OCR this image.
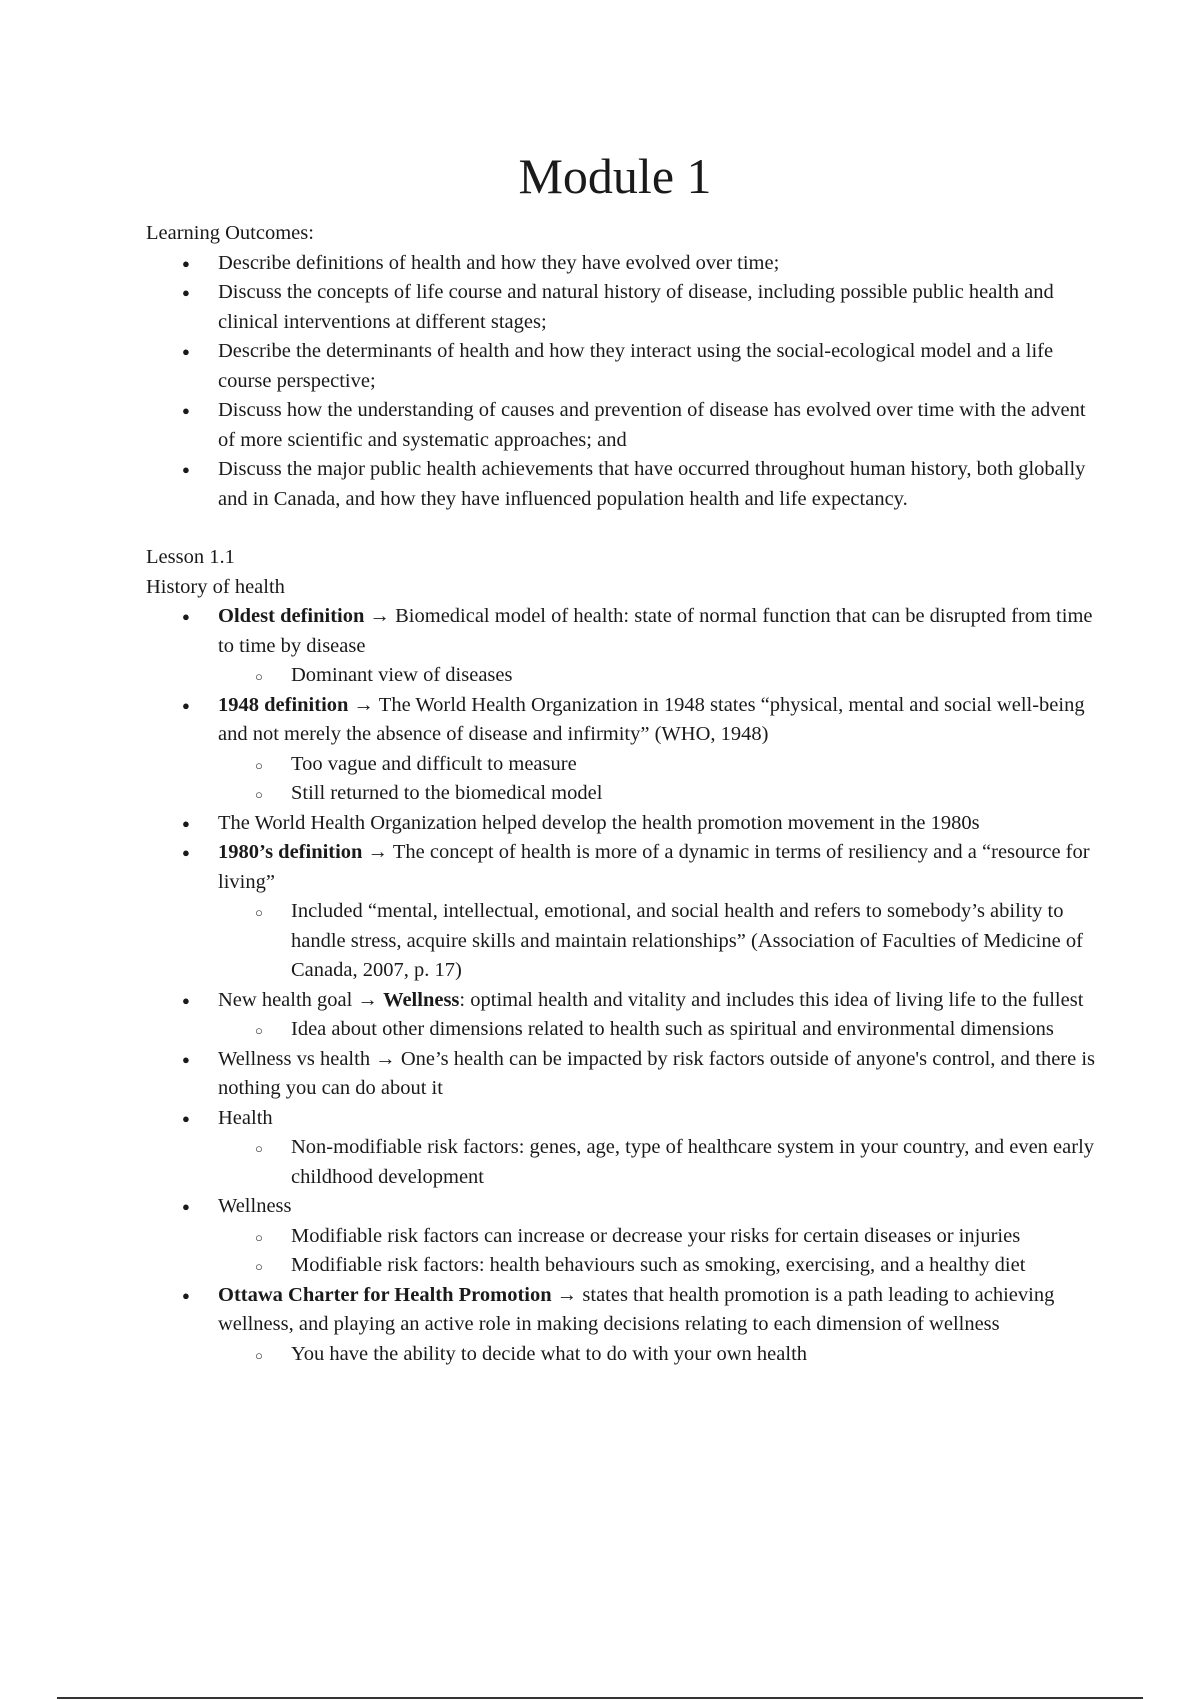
Module 1

Learning Outcomes:

● Describe definitions of health and how they have evolved over time;
● Discuss the concepts of life course and natural history of disease, including possible public health and clinical interventions at different stages;
● Describe the determinants of health and how they interact using the social-ecological model and a life course perspective;
● Discuss how the understanding of causes and prevention of disease has evolved over time with the advent of more scientific and systematic approaches; and
● Discuss the major public health achievements that have occurred throughout human history, both globally and in Canada, and how they have influenced population health and life expectancy.

Lesson 1.1

History of health

● Oldest definition → Biomedical model of health: state of normal function that can be disrupted from time to time by disease
○ Dominant view of diseases
● 1948 definition → The World Health Organization in 1948 states “physical, mental and social well-being and not merely the absence of disease and infirmity” (WHO, 1948)
○ Too vague and difficult to measure
○ Still returned to the biomedical model
● The World Health Organization helped develop the health promotion movement in the 1980s
● 1980’s definition → The concept of health is more of a dynamic in terms of resiliency and a “resource for living”
○ Included “mental, intellectual, emotional, and social health and refers to somebody’s ability to handle stress, acquire skills and maintain relationships” (Association of Faculties of Medicine of Canada, 2007, p. 17)
● New health goal → Wellness: optimal health and vitality and includes this idea of living life to the fullest
○ Idea about other dimensions related to health such as spiritual and environmental dimensions
● Wellness vs health → One’s health can be impacted by risk factors outside of anyone's control, and there is nothing you can do about it
● Health
○ Non-modifiable risk factors: genes, age, type of healthcare system in your country, and even early childhood development
● Wellness
○ Modifiable risk factors can increase or decrease your risks for certain diseases or injuries
○ Modifiable risk factors: health behaviours such as smoking, exercising, and a healthy diet
● Ottawa Charter for Health Promotion → states that health promotion is a path leading to achieving wellness, and playing an active role in making decisions relating to each dimension of wellness
○ You have the ability to decide what to do with your own health
